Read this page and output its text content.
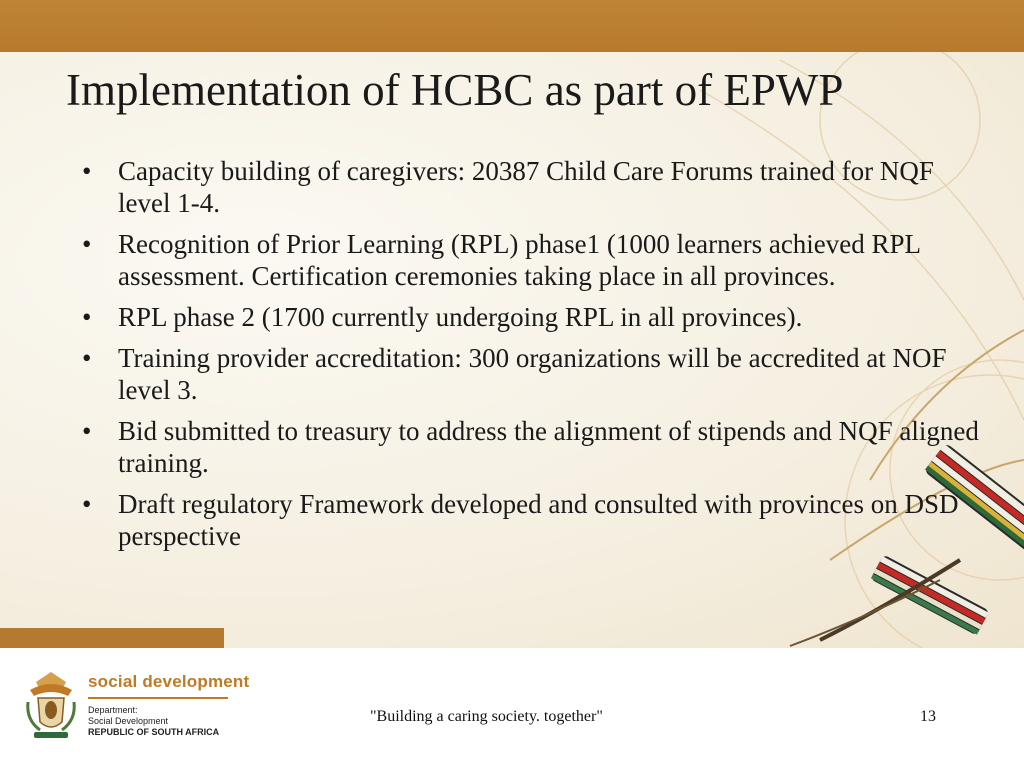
Implementation of HCBC as part of EPWP
• Capacity building of caregivers: 20387 Child Care Forums trained for NQF level 1-4.
• Recognition of Prior Learning (RPL) phase1 (1000 learners achieved RPL assessment. Certification ceremonies taking place in all provinces.
• RPL phase 2 (1700 currently undergoing RPL in all provinces).
• Training provider accreditation: 300 organizations will be accredited at NOF level 3.
• Bid submitted to treasury to address the alignment of stipends and NQF aligned training.
• Draft regulatory Framework developed and consulted with provinces on DSD perspective
social development
Department:
Social Development
REPUBLIC OF SOUTH AFRICA
"Building a caring society. together"	13
